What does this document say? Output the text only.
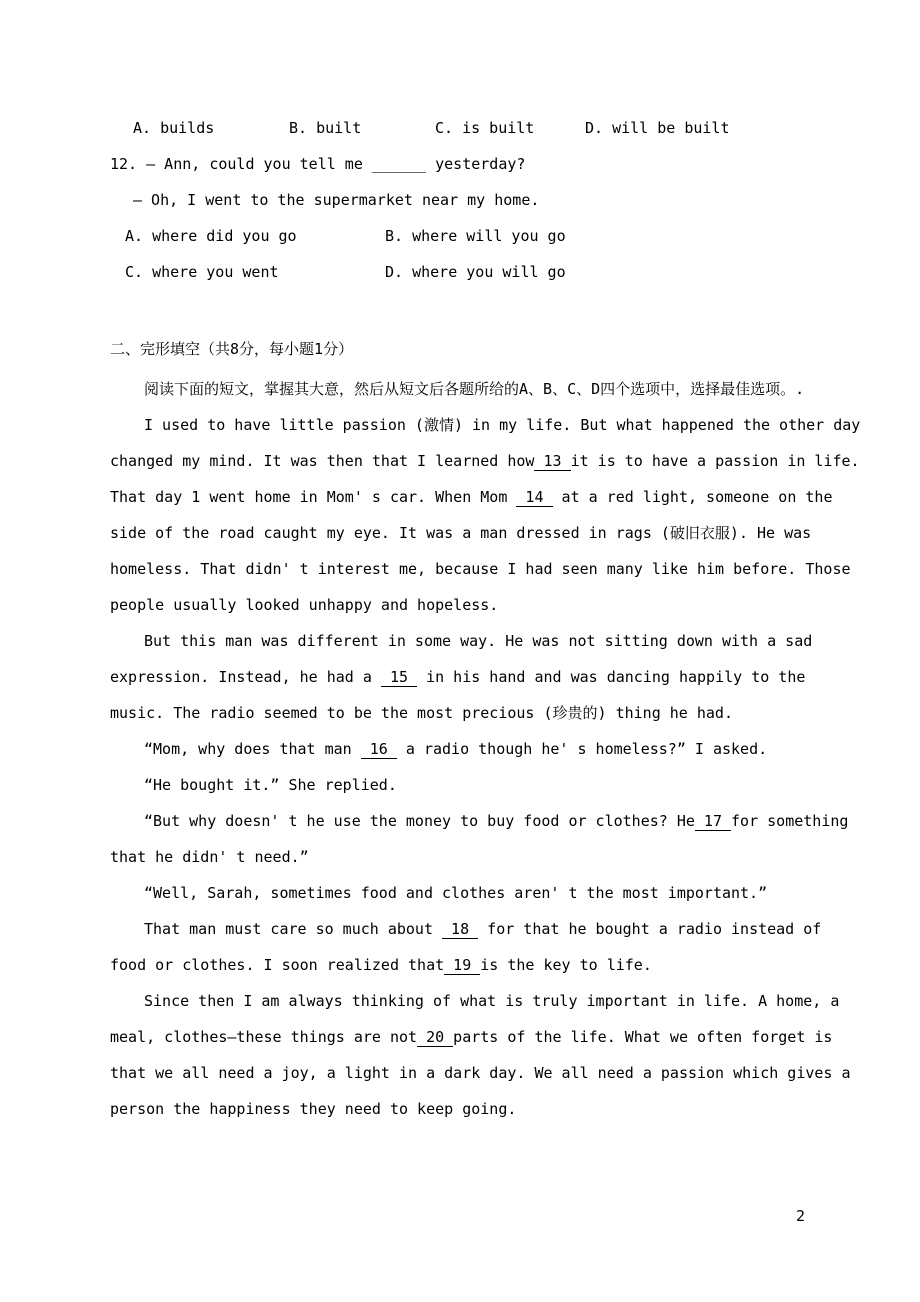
A. builds	B. built	C. is built	D. will be built
12. — Ann, could you tell me ______ yesterday?
— Oh, I went to the supermarket near my home.
A. where did you go	B. where will you go
C. where you went	D. where you will go
二、完形填空（共8分，每小题1分）

阅读下面的短文，掌握其大意，然后从短文后各题所给的A、B、C、D四个选项中，选择最佳选项。.

I used to have little passion (激情) in my life. But what happened the other day changed my mind. It was then that I learned how 13 it is to have a passion in life.

That day 1 went home in Mom' s car. When Mom  14  at a red light, someone on the side of the road caught my eye. It was a man dressed in rags (破旧衣服). He was homeless. That didn' t interest me, because I had seen many like him before. Those people usually looked unhappy and hopeless.

But this man was different in some way. He was not sitting down with a sad expression. Instead, he had a  15  in his hand and was dancing happily to the music. The radio seemed to be the most precious (珍贵的) thing he had.

“Mom, why does that man  16  a radio though he' s homeless?” I asked.

“He bought it.” She replied.

“But why doesn' t he use the money to buy food or clothes? He 17 for something that he didn' t need.”

“Well, Sarah, sometimes food and clothes aren' t the most important.”

That man must care so much about  18  for that he bought a radio instead of food or clothes. I soon realized that 19 is the key to life.

Since then I am always thinking of what is truly important in life. A home, a meal, clothes—these things are not 20 parts of the life. What we often forget is that we all need a joy, a light in a dark day. We all need a passion which gives a person the happiness they need to keep going.

2
